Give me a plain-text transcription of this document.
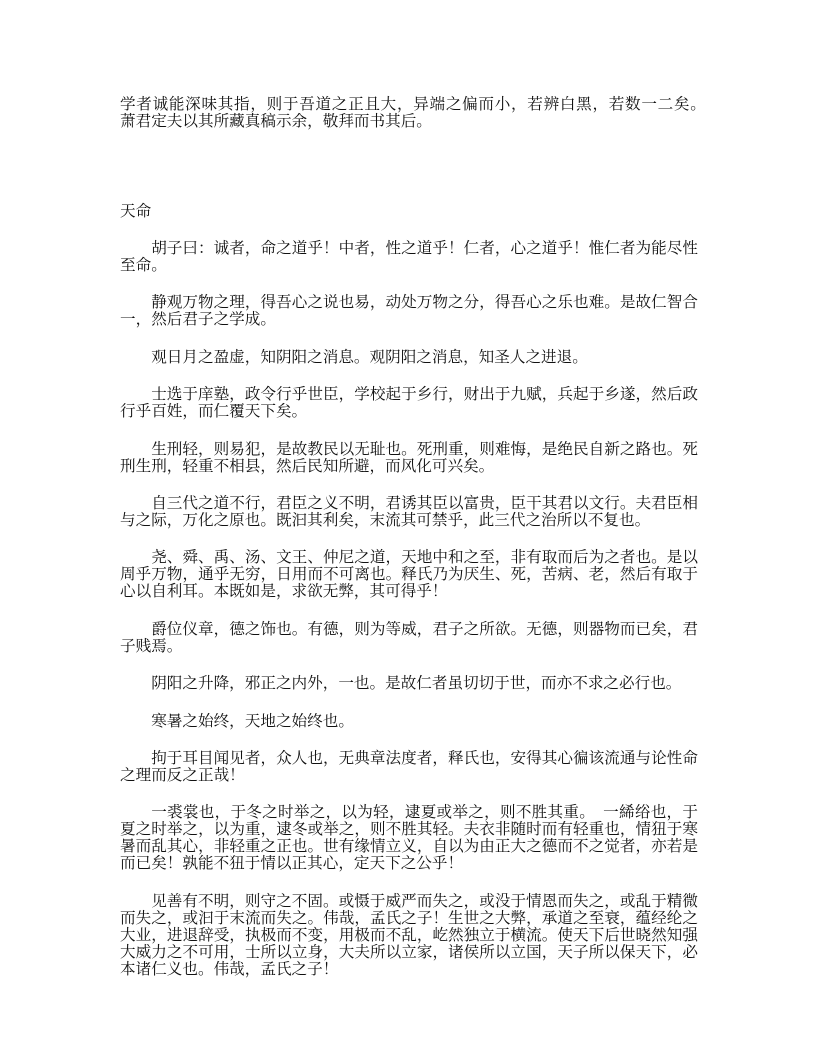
学者诚能深味其指，则于吾道之正且大，异端之偏而小，若辨白黑，若数一二矣。　萧君定夫以其所藏真稿示余，敬拜而书其后。

天命

胡子曰：诚者，命之道乎！中者，性之道乎！仁者，心之道乎！惟仁者为能尽性至命。

静观万物之理，得吾心之说也易，动处万物之分，得吾心之乐也难。是故仁智合一，然后君子之学成。

观日月之盈虚，知阴阳之消息。观阴阳之消息，知圣人之进退。

士选于庠塾，政令行乎世臣，学校起于乡行，财出于九赋，兵起于乡遂，然后政行乎百姓，而仁覆天下矣。

生刑轻，则易犯，是故教民以无耻也。死刑重，则难悔，是绝民自新之路也。死刑生刑，轻重不相县，然后民知所避，而风化可兴矣。

自三代之道不行，君臣之义不明，君诱其臣以富贵，臣干其君以文行。夫君臣相与之际，万化之原也。既汩其利矣，末流其可禁乎，此三代之治所以不复也。

尧、舜、禹、汤、文王、仲尼之道，天地中和之至，非有取而后为之者也。是以周乎万物，通乎无穷，日用而不可离也。释氏乃为厌生、死，苦病、老，然后有取于心以自利耳。本既如是，求欲无弊，其可得乎！

爵位仪章，德之饰也。有德，则为等威，君子之所欲。无德，则器物而已矣，君子贱焉。

阴阳之升降，邪正之内外，一也。是故仁者虽切切于世，而亦不求之必行也。

寒暑之始终，天地之始终也。

拘于耳目闻见者，众人也，无典章法度者，释氏也，安得其心徧该流通与论性命之理而反之正哉！

一裘裳也，于冬之时举之，以为轻，逮夏或举之，则不胜其重。　一絺绤也，于夏之时举之，以为重，逮冬或举之，则不胜其轻。夫衣非随时而有轻重也，情狃于寒暑而乱其心，非轻重之正也。世有缘情立义，自以为由正大之德而不之觉者，亦若是而已矣！孰能不狃于情以正其心，定天下之公乎！

见善有不明，则守之不固。或慑于威严而失之，或没于情恩而失之，或乱于精微而失之，或汩于末流而失之。伟哉，孟氏之子！生世之大弊，承道之至衰，蕴经纶之大业，进退辞受，执极而不变，用极而不乱，屹然独立于横流。使天下后世晓然知强大威力之不可用，士所以立身，大夫所以立家，诸侯所以立国，天子所以保天下，必本诸仁义也。伟哉，孟氏之子！
